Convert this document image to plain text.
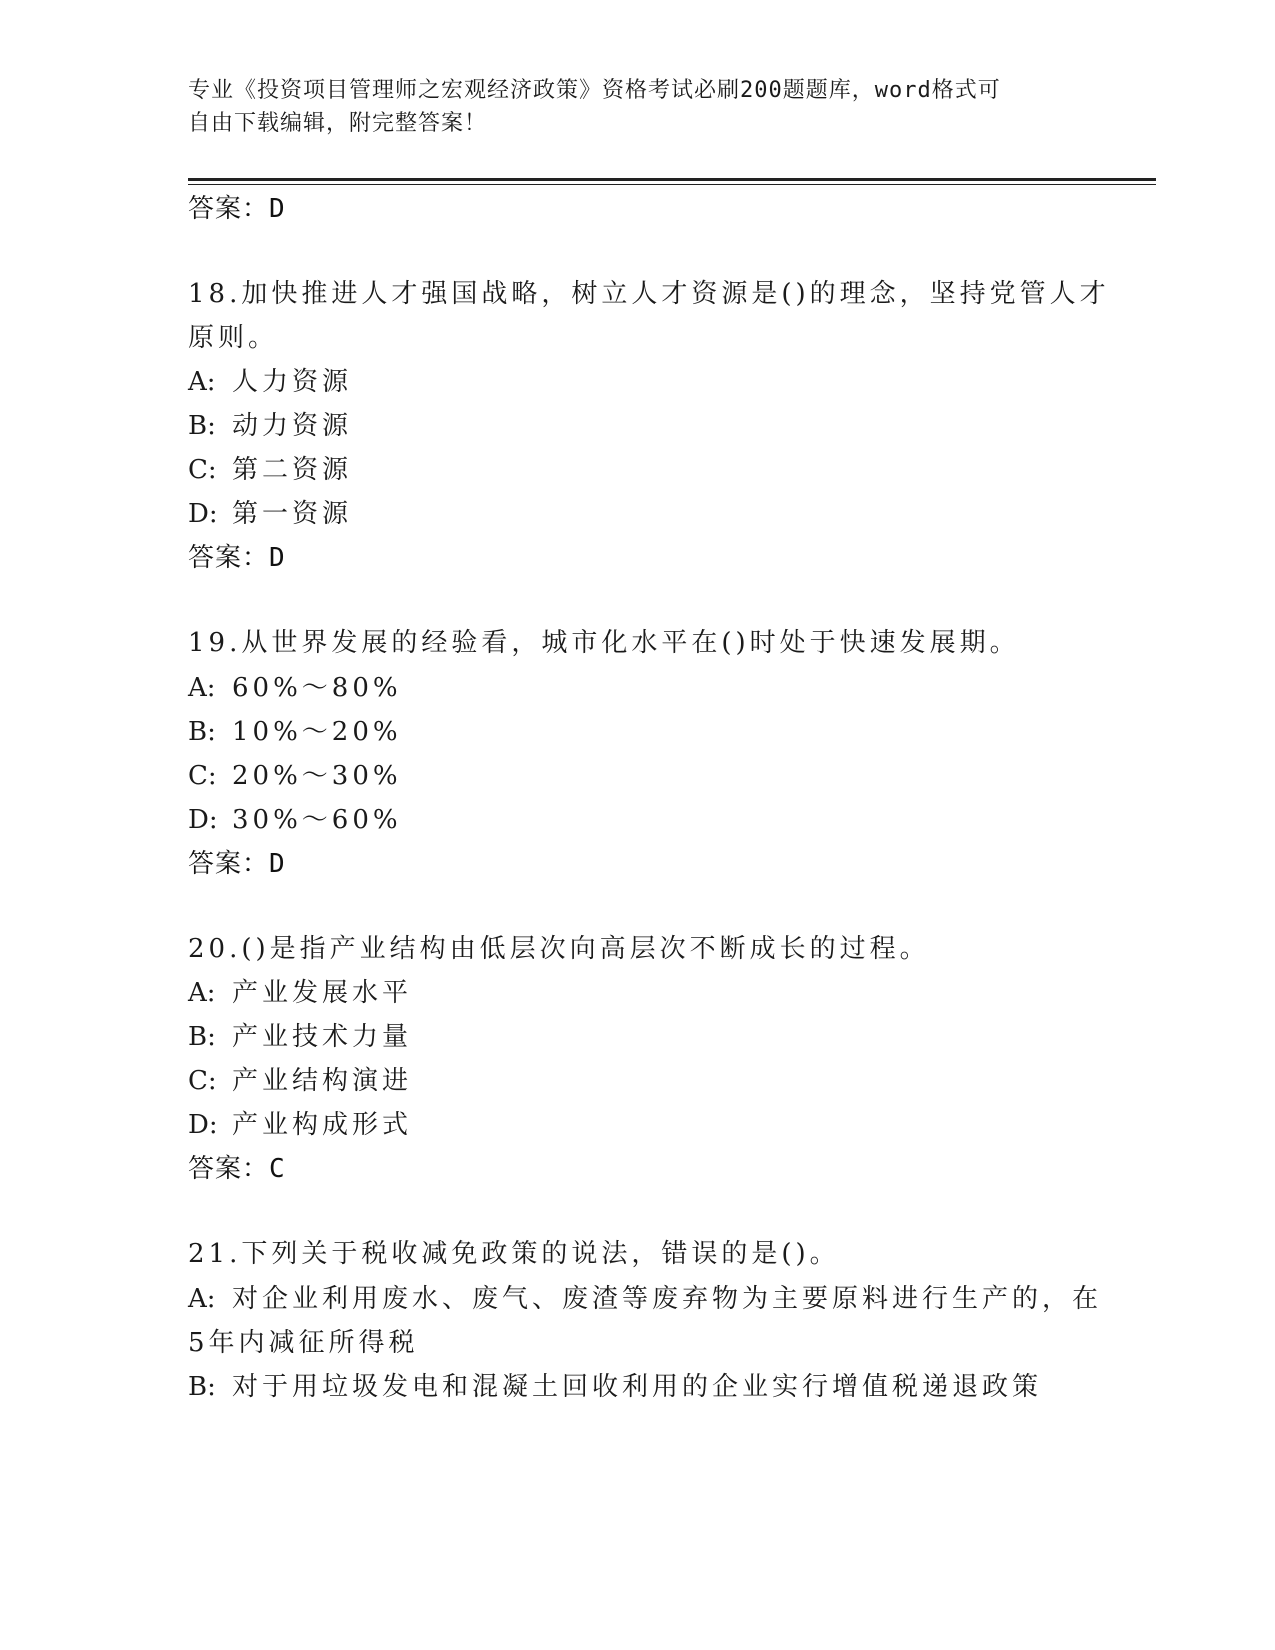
专业《投资项目管理师之宏观经济政策》资格考试必刷200题题库，word格式可
自由下载编辑，附完整答案！
答案：D
18.加快推进人才强国战略，树立人才资源是()的理念，坚持党管人才
原则。
A: 人力资源
B: 动力资源
C: 第二资源
D: 第一资源
答案：D
19.从世界发展的经验看，城市化水平在()时处于快速发展期。
A: 60%～80%
B: 10%～20%
C: 20%～30%
D: 30%～60%
答案：D
20.()是指产业结构由低层次向高层次不断成长的过程。
A: 产业发展水平
B: 产业技术力量
C: 产业结构演进
D: 产业构成形式
答案：C
21.下列关于税收减免政策的说法，错误的是()。
A: 对企业利用废水、废气、废渣等废弃物为主要原料进行生产的，在
5年内减征所得税
B: 对于用垃圾发电和混凝土回收利用的企业实行增值税递退政策
